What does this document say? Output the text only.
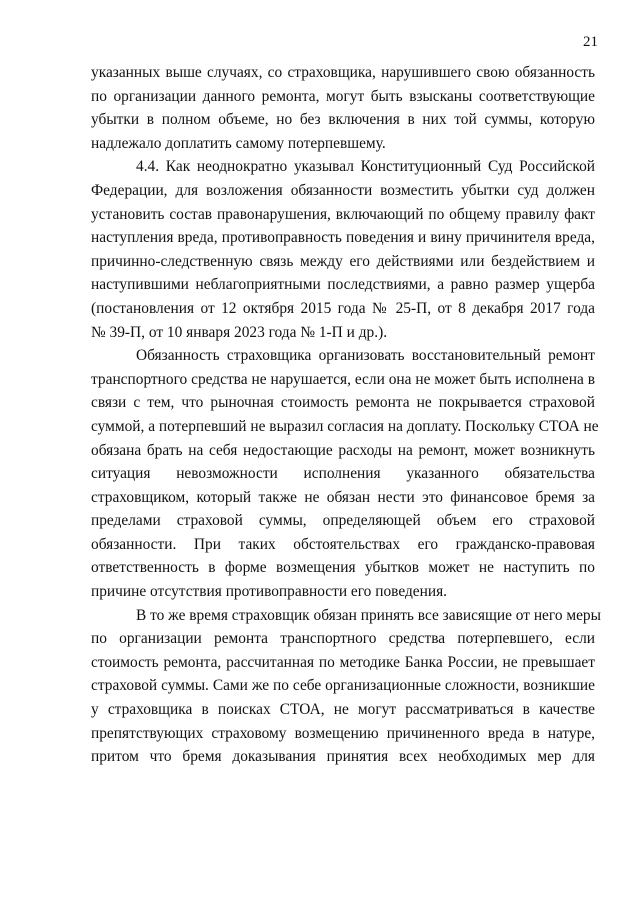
21
указанных выше случаях, со страховщика, нарушившего свою обязанность
по организации данного ремонта, могут быть взысканы соответствующие
убытки в полном объеме, но без включения в них той суммы, которую
надлежало доплатить самому потерпевшему.
4.4. Как неоднократно указывал Конституционный Суд Российской
Федерации, для возложения обязанности возместить убытки суд должен
установить состав правонарушения, включающий по общему правилу факт
наступления вреда, противоправность поведения и вину причинителя вреда,
причинно-следственную связь между его действиями или бездействием и
наступившими неблагоприятными последствиями, а равно размер ущерба
(постановления от 12 октября 2015 года № 25-П, от 8 декабря 2017 года
№ 39-П, от 10 января 2023 года № 1-П и др.).
Обязанность страховщика организовать восстановительный ремонт
транспортного средства не нарушается, если она не может быть исполнена в
связи с тем, что рыночная стоимость ремонта не покрывается страховой
суммой, а потерпевший не выразил согласия на доплату. Поскольку СТОА не
обязана брать на себя недостающие расходы на ремонт, может возникнуть
ситуация невозможности исполнения указанного обязательства
страховщиком, который также не обязан нести это финансовое бремя за
пределами страховой суммы, определяющей объем его страховой
обязанности. При таких обстоятельствах его гражданско-правовая
ответственность в форме возмещения убытков может не наступить по
причине отсутствия противоправности его поведения.
В то же время страховщик обязан принять все зависящие от него меры
по организации ремонта транспортного средства потерпевшего, если
стоимость ремонта, рассчитанная по методике Банка России, не превышает
страховой суммы. Сами же по себе организационные сложности, возникшие
у страховщика в поисках СТОА, не могут рассматриваться в качестве
препятствующих страховому возмещению причиненного вреда в натуре,
притом что бремя доказывания принятия всех необходимых мер для
